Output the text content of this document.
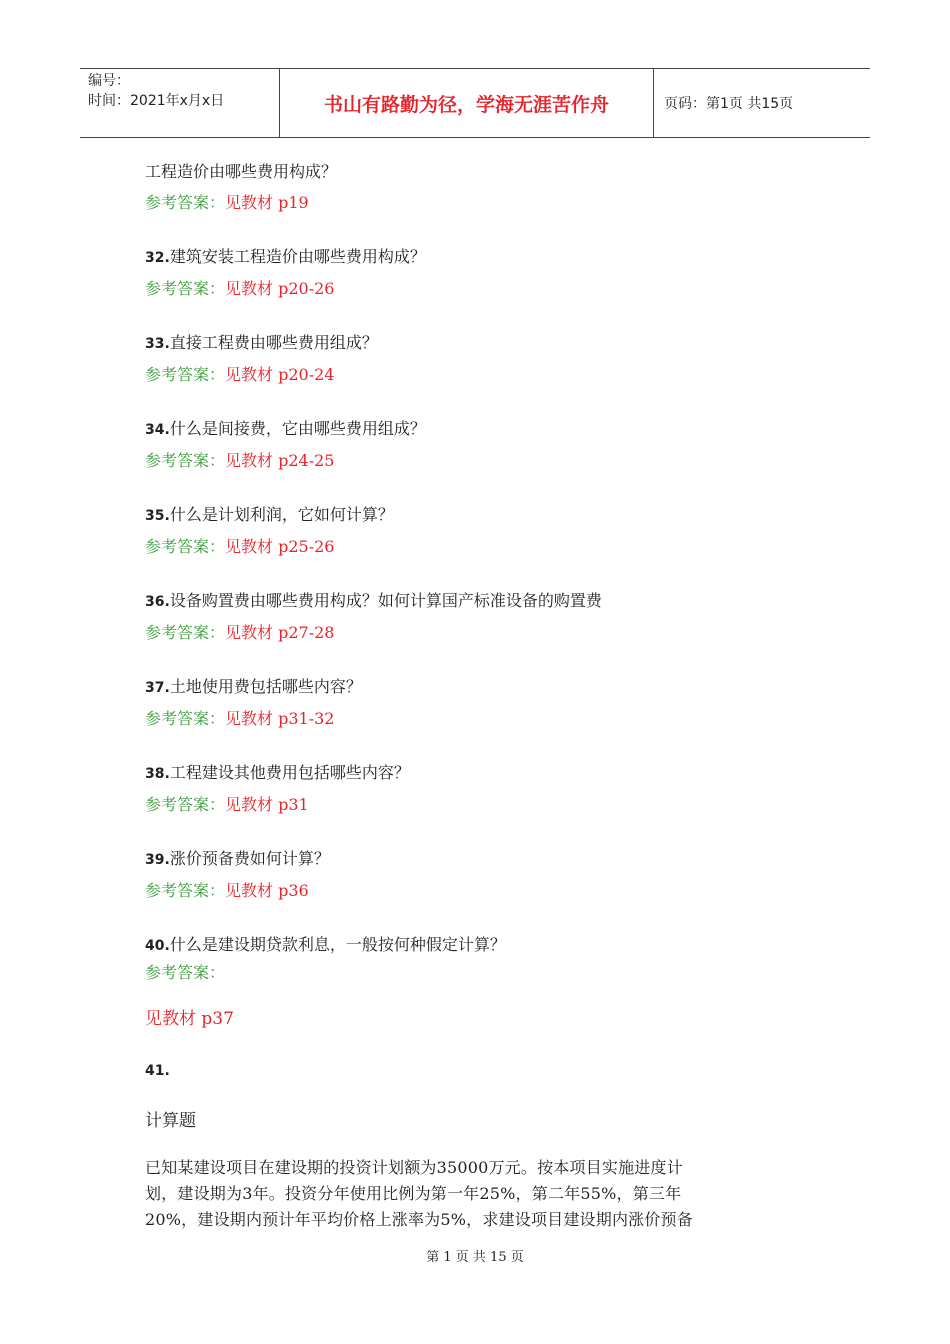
编号：
时间：2021年x月x日	书山有路勤为径，学海无涯苦作舟	页码：第1页 共15页

工程造价由哪些费用构成？

参考答案：见教材 p19

32.建筑安装工程造价由哪些费用构成？

参考答案：见教材 p20-26

33.直接工程费由哪些费用组成？

参考答案：见教材 p20-24

34.什么是间接费，它由哪些费用组成？

参考答案：见教材 p24-25

35.什么是计划利润，它如何计算？

参考答案：见教材 p25-26

36.设备购置费由哪些费用构成？如何计算国产标准设备的购置费

参考答案：见教材 p27-28

37.土地使用费包括哪些内容？

参考答案：见教材 p31-32

38.工程建设其他费用包括哪些内容？

参考答案：见教材 p31

39.涨价预备费如何计算？

参考答案：见教材 p36

40.什么是建设期贷款利息，一般按何种假定计算？

参考答案：

见教材 p37

41.

计算题

已知某建设项目在建设期的投资计划额为35000万元。按本项目实施进度计

划，建设期为3年。投资分年使用比例为第一年25%，第二年55%，第三年

20%，建设期内预计年平均价格上涨率为5%，求建设项目建设期内涨价预备

第 1 页 共 15 页
